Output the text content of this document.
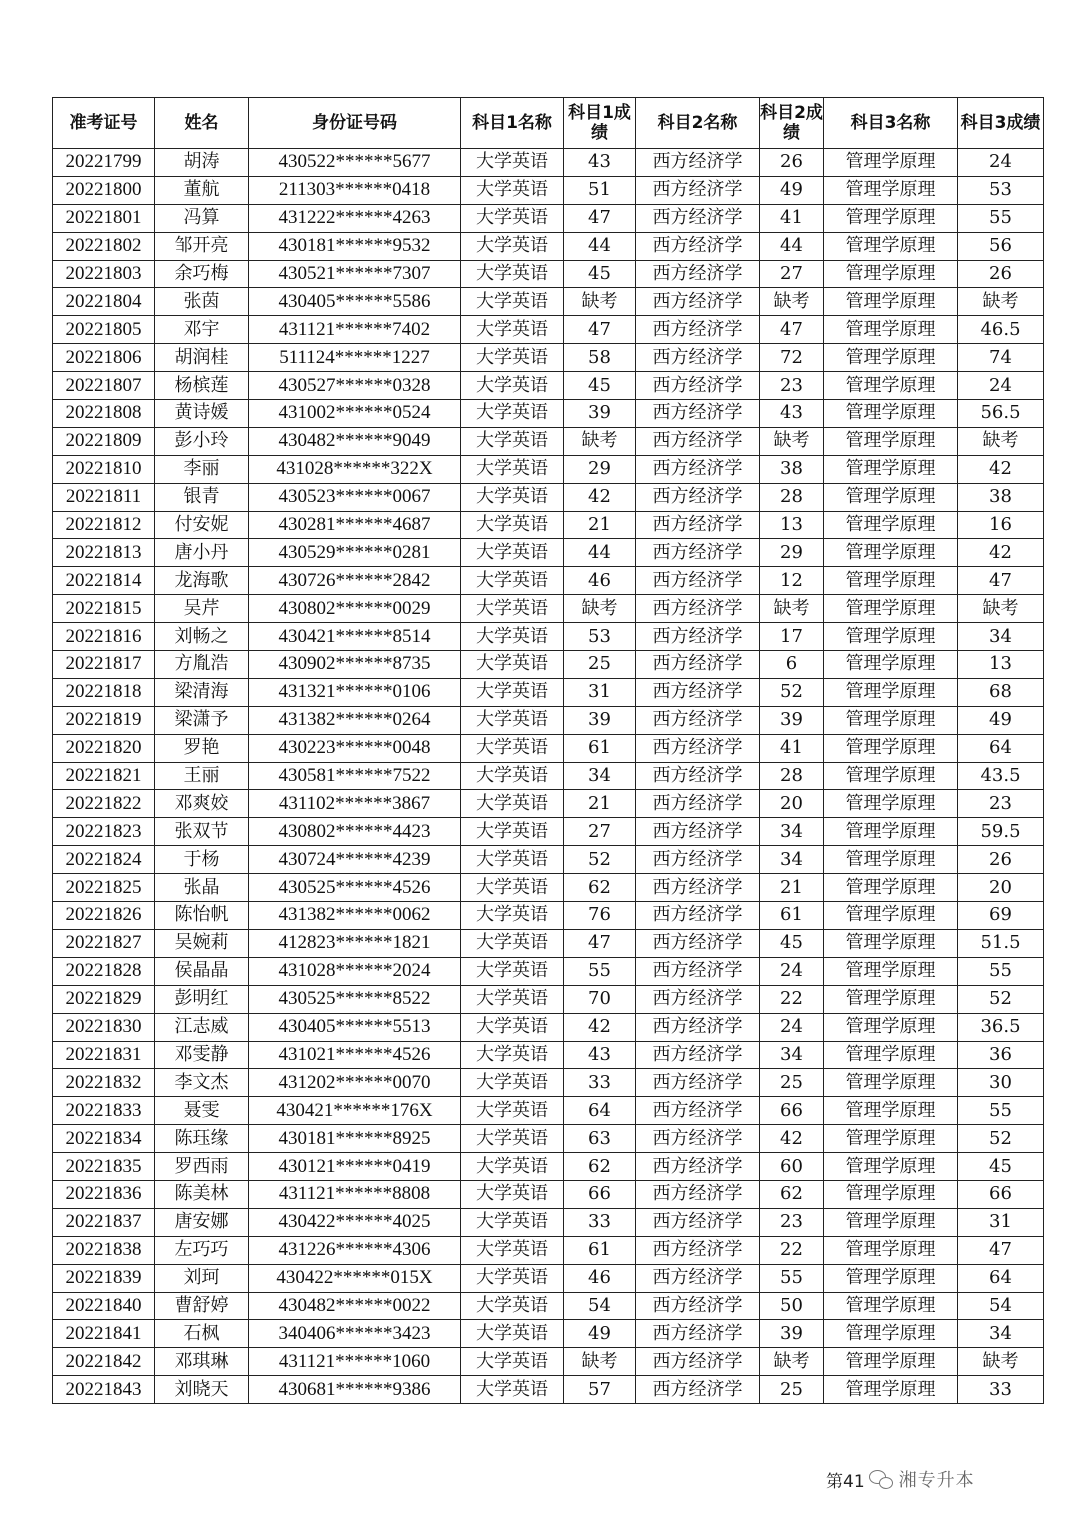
准考证号	姓名	身份证号码	科目1名称	科目1成绩	科目2名称	科目2成绩	科目3名称	科目3成绩
20221799	胡涛	430522******5677	大学英语	43	西方经济学	26	管理学原理	24
20221800	董航	211303******0418	大学英语	51	西方经济学	49	管理学原理	53
20221801	冯算	431222******4263	大学英语	47	西方经济学	41	管理学原理	55
20221802	邹开亮	430181******9532	大学英语	44	西方经济学	44	管理学原理	56
20221803	余巧梅	430521******7307	大学英语	45	西方经济学	27	管理学原理	26
20221804	张茵	430405******5586	大学英语	缺考	西方经济学	缺考	管理学原理	缺考
20221805	邓宇	431121******7402	大学英语	47	西方经济学	47	管理学原理	46.5
20221806	胡润桂	511124******1227	大学英语	58	西方经济学	72	管理学原理	74
20221807	杨槟莲	430527******0328	大学英语	45	西方经济学	23	管理学原理	24
20221808	黄诗媛	431002******0524	大学英语	39	西方经济学	43	管理学原理	56.5
20221809	彭小玲	430482******9049	大学英语	缺考	西方经济学	缺考	管理学原理	缺考
20221810	李丽	431028******322X	大学英语	29	西方经济学	38	管理学原理	42
20221811	银青	430523******0067	大学英语	42	西方经济学	28	管理学原理	38
20221812	付安妮	430281******4687	大学英语	21	西方经济学	13	管理学原理	16
20221813	唐小丹	430529******0281	大学英语	44	西方经济学	29	管理学原理	42
20221814	龙海歌	430726******2842	大学英语	46	西方经济学	12	管理学原理	47
20221815	吴芹	430802******0029	大学英语	缺考	西方经济学	缺考	管理学原理	缺考
20221816	刘畅之	430421******8514	大学英语	53	西方经济学	17	管理学原理	34
20221817	方胤浩	430902******8735	大学英语	25	西方经济学	6	管理学原理	13
20221818	梁清海	431321******0106	大学英语	31	西方经济学	52	管理学原理	68
20221819	梁潇予	431382******0264	大学英语	39	西方经济学	39	管理学原理	49
20221820	罗艳	430223******0048	大学英语	61	西方经济学	41	管理学原理	64
20221821	王丽	430581******7522	大学英语	34	西方经济学	28	管理学原理	43.5
20221822	邓爽姣	431102******3867	大学英语	21	西方经济学	20	管理学原理	23
20221823	张双节	430802******4423	大学英语	27	西方经济学	34	管理学原理	59.5
20221824	于杨	430724******4239	大学英语	52	西方经济学	34	管理学原理	26
20221825	张晶	430525******4526	大学英语	62	西方经济学	21	管理学原理	20
20221826	陈怡帆	431382******0062	大学英语	76	西方经济学	61	管理学原理	69
20221827	吴婉莉	412823******1821	大学英语	47	西方经济学	45	管理学原理	51.5
20221828	侯晶晶	431028******2024	大学英语	55	西方经济学	24	管理学原理	55
20221829	彭明红	430525******8522	大学英语	70	西方经济学	22	管理学原理	52
20221830	江志威	430405******5513	大学英语	42	西方经济学	24	管理学原理	36.5
20221831	邓雯静	431021******4526	大学英语	43	西方经济学	34	管理学原理	36
20221832	李文杰	431202******0070	大学英语	33	西方经济学	25	管理学原理	30
20221833	聂雯	430421******176X	大学英语	64	西方经济学	66	管理学原理	55
20221834	陈珏缘	430181******8925	大学英语	63	西方经济学	42	管理学原理	52
20221835	罗西雨	430121******0419	大学英语	62	西方经济学	60	管理学原理	45
20221836	陈美林	431121******8808	大学英语	66	西方经济学	62	管理学原理	66
20221837	唐安娜	430422******4025	大学英语	33	西方经济学	23	管理学原理	31
20221838	左巧巧	431226******4306	大学英语	61	西方经济学	22	管理学原理	47
20221839	刘珂	430422******015X	大学英语	46	西方经济学	55	管理学原理	64
20221840	曹舒婷	430482******0022	大学英语	54	西方经济学	50	管理学原理	54
20221841	石枫	340406******3423	大学英语	49	西方经济学	39	管理学原理	34
20221842	邓琪琳	431121******1060	大学英语	缺考	西方经济学	缺考	管理学原理	缺考
20221843	刘晓天	430681******9386	大学英语	57	西方经济学	25	管理学原理	33
第41 湘专升本
